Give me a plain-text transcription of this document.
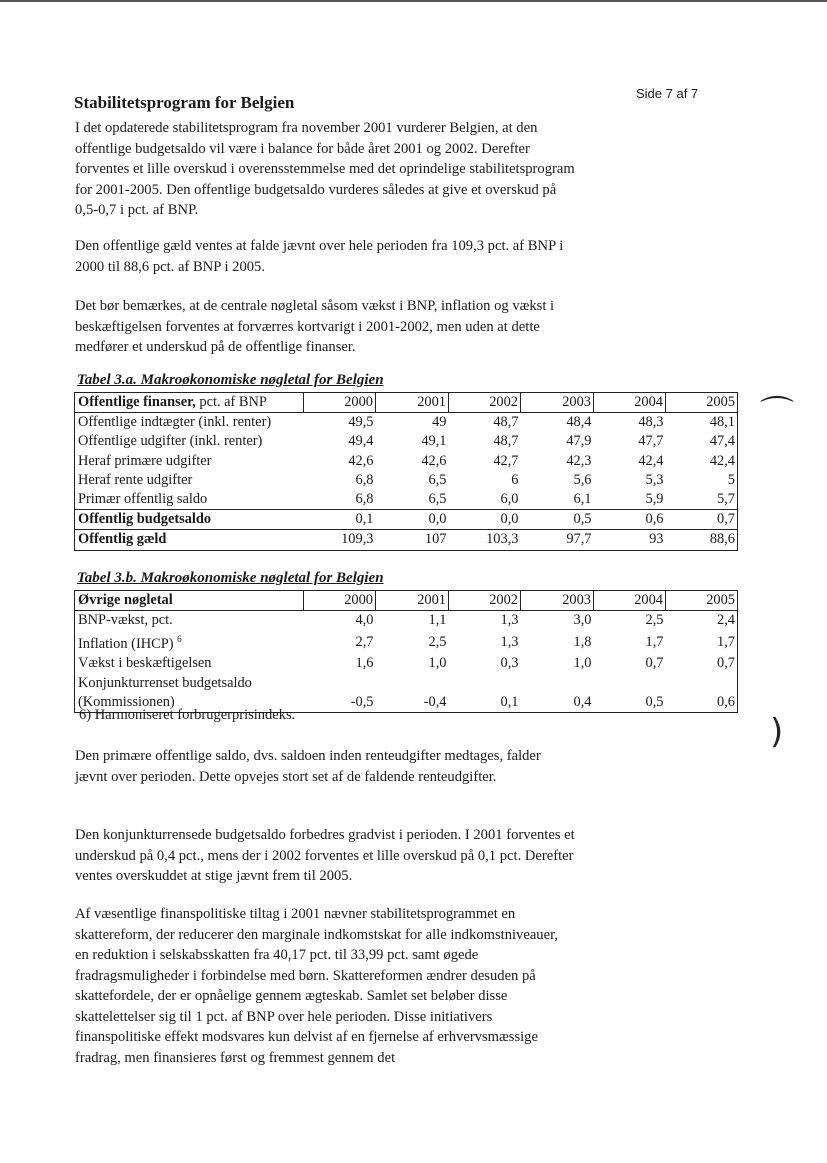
Side 7 af 7
Stabilitetsprogram for Belgien

I det opdaterede stabilitetsprogram fra november 2001 vurderer Belgien, at den offentlige budgetsaldo vil være i balance for både året 2001 og 2002. Derefter forventes et lille overskud i overensstemmelse med det oprindelige stabilitetsprogram for 2001-2005. Den offentlige budgetsaldo vurderes således at give et overskud på 0,5-0,7 i pct. af BNP.

Den offentlige gæld ventes at falde jævnt over hele perioden fra 109,3 pct. af BNP i 2000 til 88,6 pct. af BNP i 2005.

Det bør bemærkes, at de centrale nøgletal såsom vækst i BNP, inflation og vækst i beskæftigelsen forventes at forværres kortvarigt i 2001-2002, men uden at dette medfører et underskud på de offentlige finanser.

Tabel 3.a. Makroøkonomiske nøgletal for Belgien
Offentlige finanser, pct. af BNP	2000	2001	2002	2003	2004	2005
Offentlige indtægter (inkl. renter)	49,5	49	48,7	48,4	48,3	48,1
Offentlige udgifter (inkl. renter)	49,4	49,1	48,7	47,9	47,7	47,4
Heraf primære udgifter	42,6	42,6	42,7	42,3	42,4	42,4
Heraf rente udgifter	6,8	6,5	6	5,6	5,3	5
Primær offentlig saldo	6,8	6,5	6,0	6,1	5,9	5,7
Offentlig budgetsaldo	0,1	0,0	0,0	0,5	0,6	0,7
Offentlig gæld	109,3	107	103,3	97,7	93	88,6
Tabel 3.b. Makroøkonomiske nøgletal for Belgien
Øvrige nøgletal	2000	2001	2002	2003	2004	2005
BNP-vækst, pct.	4,0	1,1	1,3	3,0	2,5	2,4
Inflation (IHCP) $^6$	2,7	2,5	1,3	1,8	1,7	1,7
Vækst i beskæftigelsen	1,6	1,0	0,3	1,0	0,7	0,7
Konjunkturrenset budgetsaldo (Kommissionen)	-0,5	-0,4	0,1	0,4	0,5	0,6

6) Harmoniseret forbrugerprisindeks.

Den primære offentlige saldo, dvs. saldoen inden renteudgifter medtages, falder jævnt over perioden. Dette opvejes stort set af de faldende renteudgifter.

Den konjunkturrensede budgetsaldo forbedres gradvist i perioden. I 2001 forventes et underskud på 0,4 pct., mens der i 2002 forventes et lille overskud på 0,1 pct. Derefter ventes overskuddet at stige jævnt frem til 2005.

Af væsentlige finanspolitiske tiltag i 2001 nævner stabilitetsprogrammet en skattereform, der reducerer den marginale indkomstskat for alle indkomstniveauer, en reduktion i selskabsskatten fra 40,17 pct. til 33,99 pct. samt øgede fradragsmuligheder i forbindelse med børn. Skattereformen ændrer desuden på skattefordele, der er opnåelige gennem ægteskab. Samlet set beløber disse skattelettelser sig til 1 pct. af BNP over hele perioden. Disse initiativers finanspolitiske effekt modsvares kun delvist af en fjernelse af erhvervsmæssige fradrag, men finansieres først og fremmest gennem det

⌒
)
